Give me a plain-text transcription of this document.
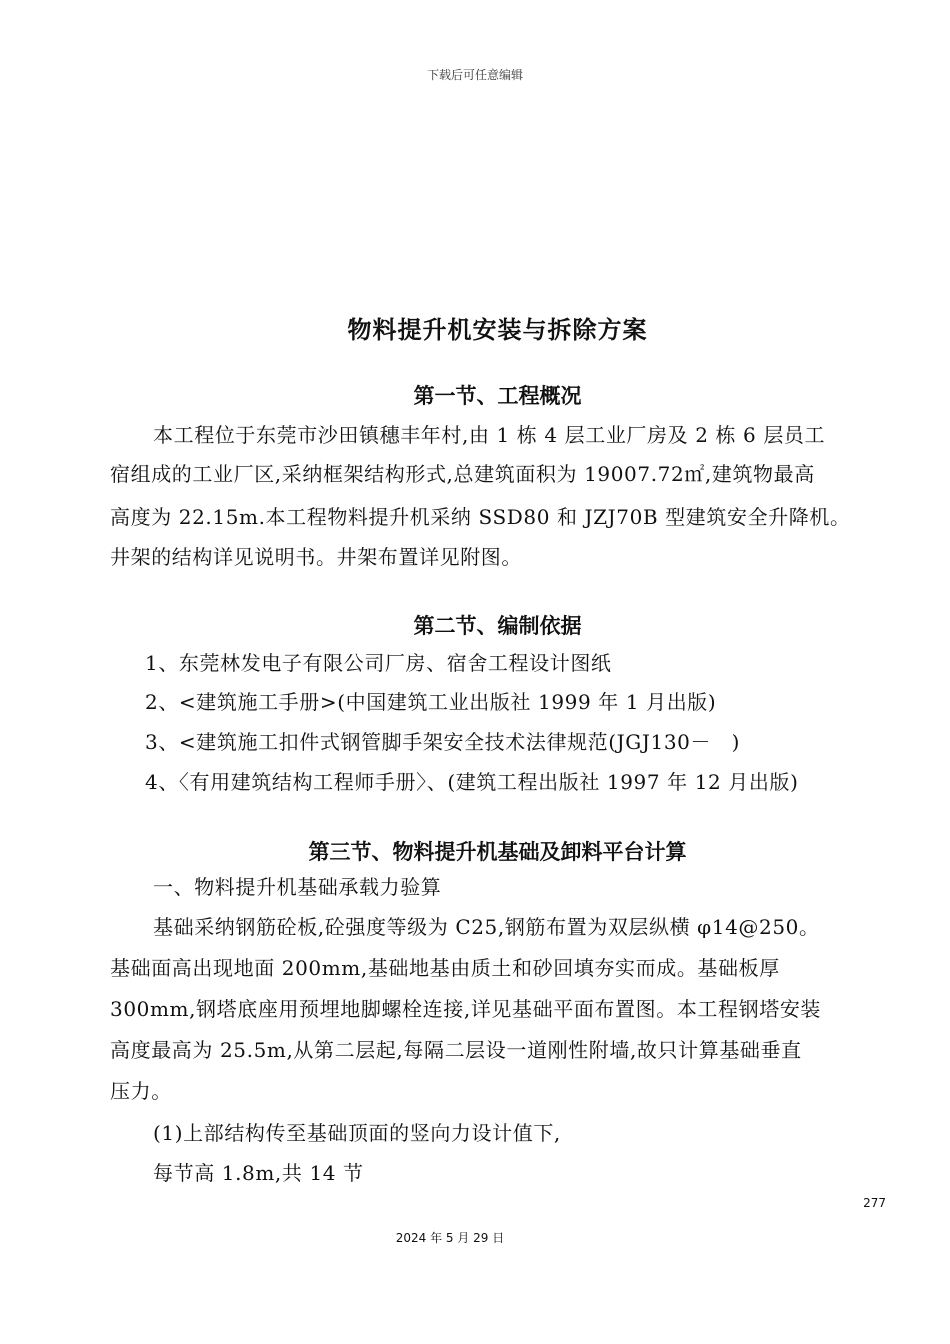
下载后可任意编辑
物料提升机安装与拆除方案
第一节、工程概况
本工程位于东莞市沙田镇穗丰年村,由 1 栋 4 层工业厂房及 2 栋 6 层员工
宿组成的工业厂区,采纳框架结构形式,总建筑面积为 19007.72㎡,建筑物最高
高度为 22.15m.本工程物料提升机采纳 SSD80 和 JZJ70B 型建筑安全升降机。
井架的结构详见说明书。井架布置详见附图。
第二节、编制依据
1、东莞林发电子有限公司厂房、宿舍工程设计图纸
2、<建筑施工手册>(中国建筑工业出版社 1999 年 1 月出版)
3、<建筑施工扣件式钢管脚手架安全技术法律规范(JGJ130－　)
4、〈有用建筑结构工程师手册〉、(建筑工程出版社 1997 年 12 月出版)
第三节、物料提升机基础及卸料平台计算
一、物料提升机基础承载力验算
基础采纳钢筋砼板,砼强度等级为 C25,钢筋布置为双层纵横 φ14@250。
基础面高出现地面 200mm,基础地基由质土和砂回填夯实而成。基础板厚
300mm,钢塔底座用预埋地脚螺栓连接,详见基础平面布置图。本工程钢塔安装
高度最高为 25.5m,从第二层起,每隔二层设一道刚性附墙,故只计算基础垂直
压力。
(1)上部结构传至基础顶面的竖向力设计值下,
每节高 1.8m,共 14 节
277
2024 年 5 月 29 日
